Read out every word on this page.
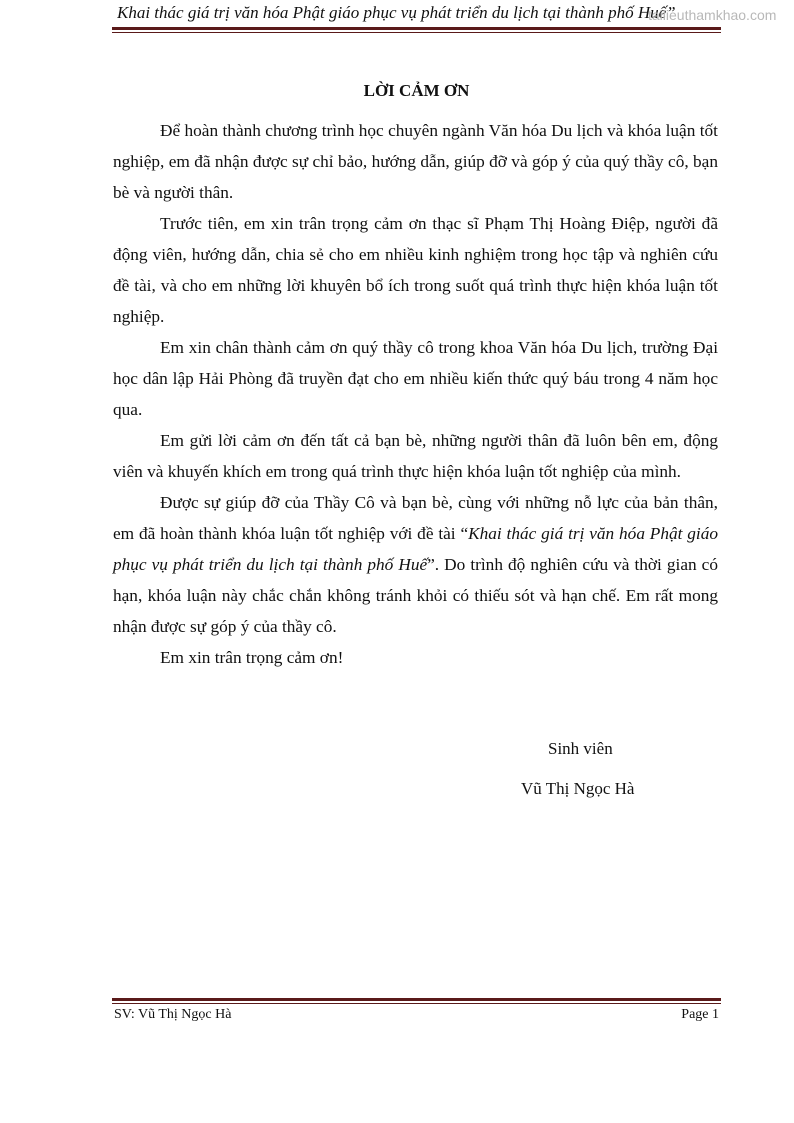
Khai thác giá trị văn hóa Phật giáo phục vụ phát triển du lịch tại thành phố Huế”
tailieuthamkhao.com
LỜI CẢM ƠN

Để hoàn thành chương trình học chuyên ngành Văn hóa Du lịch và khóa luận tốt nghiệp, em đã nhận được sự chỉ bảo, hướng dẫn, giúp đỡ và góp ý của quý thầy cô, bạn bè và người thân.

Trước tiên, em xin trân trọng cảm ơn thạc sĩ Phạm Thị Hoàng Điệp, người đã động viên, hướng dẫn, chia sẻ cho em nhiều kinh nghiệm trong học tập và nghiên cứu đề tài, và cho em những lời khuyên bổ ích trong suốt quá trình thực hiện khóa luận tốt nghiệp.

Em xin chân thành cảm ơn quý thầy cô trong khoa Văn hóa Du lịch, trường Đại học dân lập Hải Phòng đã truyền đạt cho em nhiều kiến thức quý báu trong 4 năm học qua.

Em gửi lời cảm ơn đến tất cả bạn bè, những người thân đã luôn bên em, động viên và khuyến khích em trong quá trình thực hiện khóa luận tốt nghiệp của mình.

Được sự giúp đỡ của Thầy Cô và bạn bè, cùng với những nỗ lực của bản thân, em đã hoàn thành khóa luận tốt nghiệp với đề tài “Khai thác giá trị văn hóa Phật giáo phục vụ phát triển du lịch tại thành phố Huế”. Do trình độ nghiên cứu và thời gian có hạn, khóa luận này chắc chắn không tránh khỏi có thiếu sót và hạn chế. Em rất mong nhận được sự góp ý của thầy cô.

Em xin trân trọng cảm ơn!

Sinh viên
Vũ Thị Ngọc Hà
SV: Vũ Thị Ngọc Hà	Page 1
